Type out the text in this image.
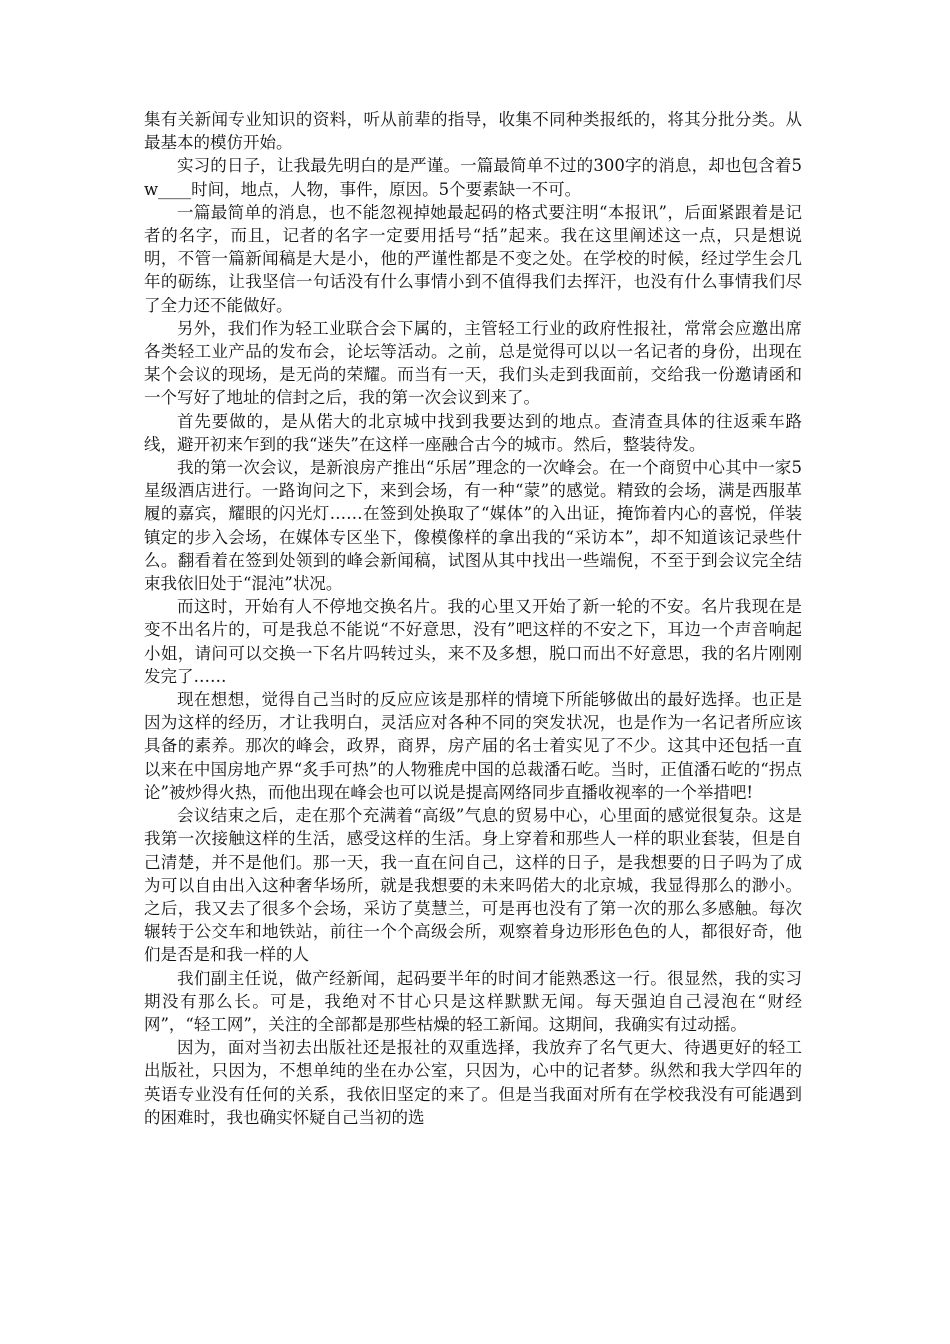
集有关新闻专业知识的资料，听从前辈的指导，收集不同种类报纸的，将其分批分类。从最基本的模仿开始。

实习的日子，让我最先明白的是严谨。一篇最简单不过的300字的消息，却也包含着5w____时间，地点，人物，事件，原因。5个要素缺一不可。

一篇最简单的消息，也不能忽视掉她最起码的格式要注明“本报讯”，后面紧跟着是记者的名字，而且，记者的名字一定要用括号“括”起来。我在这里阐述这一点，只是想说明，不管一篇新闻稿是大是小，他的严谨性都是不变之处。在学校的时候，经过学生会几年的砺练，让我坚信一句话没有什么事情小到不值得我们去挥汗，也没有什么事情我们尽了全力还不能做好。

另外，我们作为轻工业联合会下属的，主管轻工行业的政府性报社，常常会应邀出席各类轻工业产品的发布会，论坛等活动。之前，总是觉得可以以一名记者的身份，出现在某个会议的现场，是无尚的荣耀。而当有一天，我们头走到我面前，交给我一份邀请函和一个写好了地址的信封之后，我的第一次会议到来了。

首先要做的，是从偌大的北京城中找到我要达到的地点。查清查具体的往返乘车路线，避开初来乍到的我“迷失”在这样一座融合古今的城市。然后，整装待发。

我的第一次会议，是新浪房产推出“乐居”理念的一次峰会。在一个商贸中心其中一家5星级酒店进行。一路询问之下，来到会场，有一种“蒙”的感觉。精致的会场，满是西服革履的嘉宾，耀眼的闪光灯……在签到处换取了“媒体”的入出证，掩饰着内心的喜悦，佯装镇定的步入会场，在媒体专区坐下，像模像样的拿出我的“采访本”，却不知道该记录些什么。翻看着在签到处领到的峰会新闻稿，试图从其中找出一些端倪，不至于到会议完全结束我依旧处于“混沌”状况。

而这时，开始有人不停地交换名片。我的心里又开始了新一轮的不安。名片我现在是变不出名片的，可是我总不能说“不好意思，没有”吧这样的不安之下，耳边一个声音响起小姐，请问可以交换一下名片吗转过头，来不及多想，脱口而出不好意思，我的名片刚刚发完了……

现在想想，觉得自己当时的反应应该是那样的情境下所能够做出的最好选择。也正是因为这样的经历，才让我明白，灵活应对各种不同的突发状况，也是作为一名记者所应该具备的素养。那次的峰会，政界，商界，房产届的名士着实见了不少。这其中还包括一直以来在中国房地产界“炙手可热”的人物雅虎中国的总裁潘石屹。当时，正值潘石屹的“拐点论”被炒得火热，而他出现在峰会也可以说是提高网络同步直播收视率的一个举措吧!

会议结束之后，走在那个充满着“高级”气息的贸易中心，心里面的感觉很复杂。这是我第一次接触这样的生活，感受这样的生活。身上穿着和那些人一样的职业套装，但是自己清楚，并不是他们。那一天，我一直在问自己，这样的日子，是我想要的日子吗为了成为可以自由出入这种奢华场所，就是我想要的未来吗偌大的北京城，我显得那么的渺小。之后，我又去了很多个会场，采访了莫慧兰，可是再也没有了第一次的那么多感触。每次辗转于公交车和地铁站，前往一个个高级会所，观察着身边形形色色的人，都很好奇，他们是否是和我一样的人

我们副主任说，做产经新闻，起码要半年的时间才能熟悉这一行。很显然，我的实习期没有那么长。可是，我绝对不甘心只是这样默默无闻。每天强迫自己浸泡在“财经网”，“轻工网”，关注的全部都是那些枯燥的轻工新闻。这期间，我确实有过动摇。

因为，面对当初去出版社还是报社的双重选择，我放弃了名气更大、待遇更好的轻工出版社，只因为，不想单纯的坐在办公室，只因为，心中的记者梦。纵然和我大学四年的英语专业没有任何的关系，我依旧坚定的来了。但是当我面对所有在学校我没有可能遇到的困难时，我也确实怀疑自己当初的选
